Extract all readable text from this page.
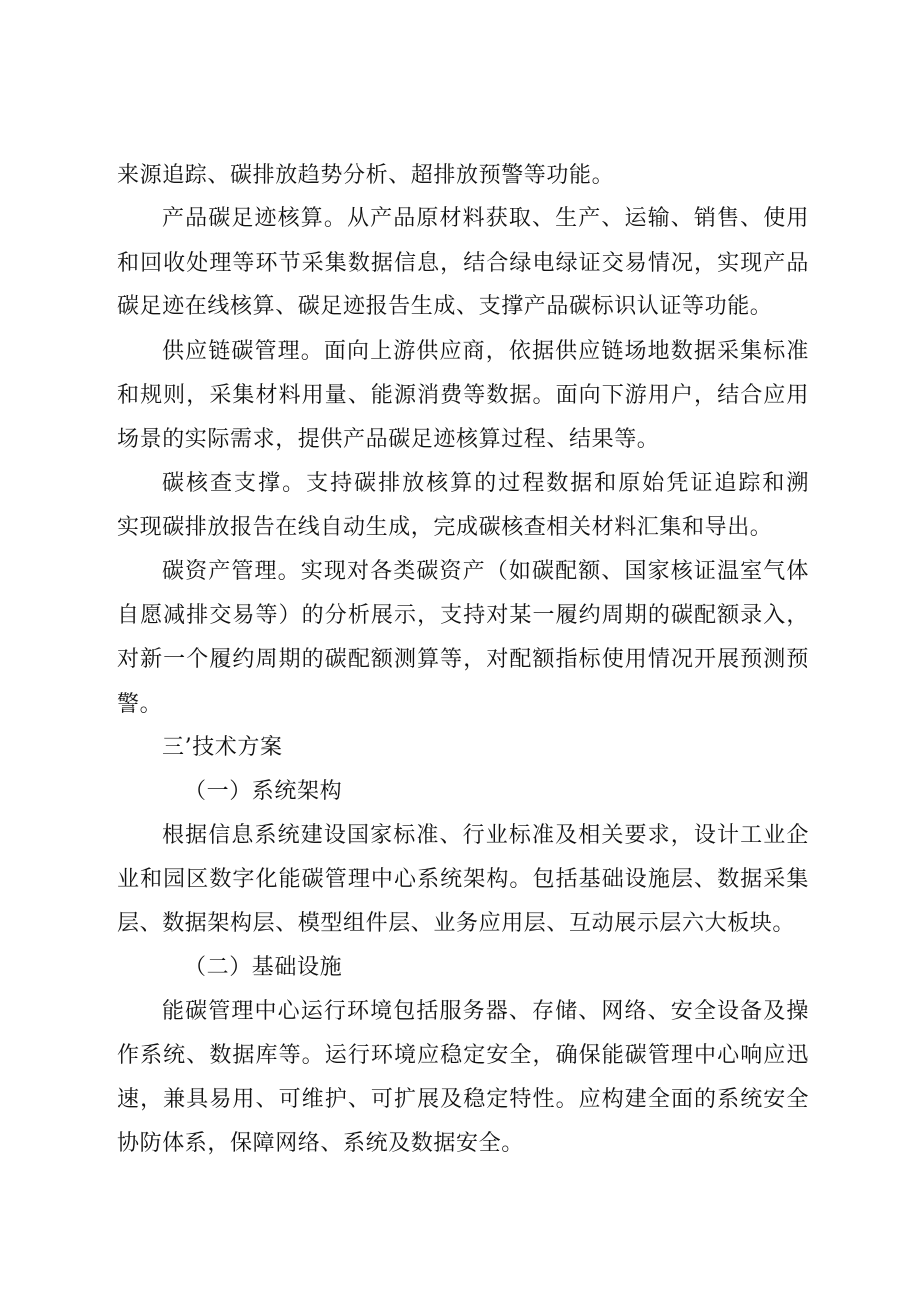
来源追踪、碳排放趋势分析、超排放预警等功能。
产品碳足迹核算。从产品原材料获取、生产、运输、销售、使用
和回收处理等环节采集数据信息，结合绿电绿证交易情况，实现产品
碳足迹在线核算、碳足迹报告生成、支撑产品碳标识认证等功能。
供应链碳管理。面向上游供应商，依据供应链场地数据采集标准
和规则，采集材料用量、能源消费等数据。面向下游用户，结合应用
场景的实际需求，提供产品碳足迹核算过程、结果等。
碳核查支撑。支持碳排放核算的过程数据和原始凭证追踪和溯
实现碳排放报告在线自动生成，完成碳核查相关材料汇集和导出。
碳资产管理。实现对各类碳资产（如碳配额、国家核证温室气体
自愿减排交易等）的分析展示，支持对某一履约周期的碳配额录入，
对新一个履约周期的碳配额测算等，对配额指标使用情况开展预测预
警。
三’技术方案
（一）系统架构
根据信息系统建设国家标准、行业标准及相关要求，设计工业企
业和园区数字化能碳管理中心系统架构。包括基础设施层、数据采集
层、数据架构层、模型组件层、业务应用层、互动展示层六大板块。
（二）基础设施
能碳管理中心运行环境包括服务器、存储、网络、安全设备及操
作系统、数据库等。运行环境应稳定安全，确保能碳管理中心响应迅
速，兼具易用、可维护、可扩展及稳定特性。应构建全面的系统安全
协防体系，保障网络、系统及数据安全。
